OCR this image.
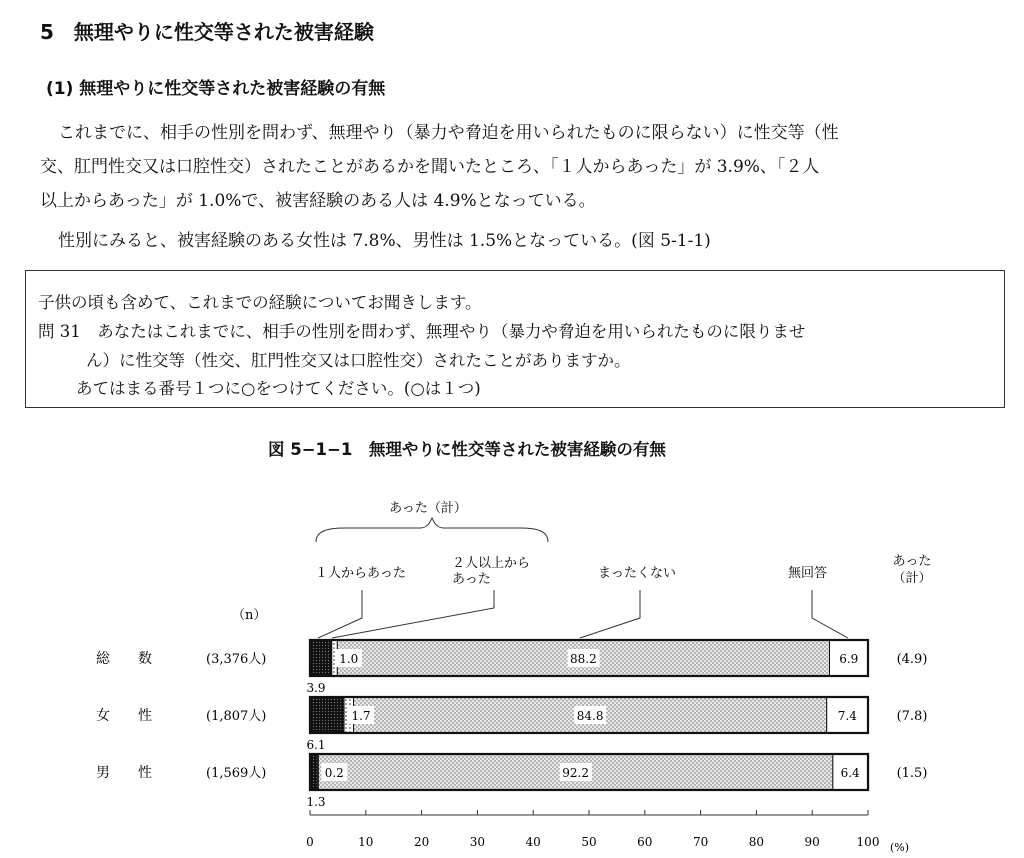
5　無理やりに性交等された被害経験
(1) 無理やりに性交等された被害経験の有無
これまでに、相手の性別を問わず、無理やり（暴力や脅迫を用いられたものに限らない）に性交等（性
交、肛門性交又は口腔性交）されたことがあるかを聞いたところ、「１人からあった」が 3.9%、「２人
以上からあった」が 1.0%で、被害経験のある人は 4.9%となっている。
性別にみると、被害経験のある女性は 7.8%、男性は 1.5%となっている。(図 5-1-1)
子供の頃も含めて、これまでの経験についてお聞きします。
問 31　あなたはこれまでに、相手の性別を問わず、無理やり（暴力や脅迫を用いられたものに限りませ
ん）に性交等（性交、肛門性交又は口腔性交）されたことがありますか。
あてはまる番号１つに○をつけてください。(○は１つ)
図 5−1−1　無理やりに性交等された被害経験の有無
あった（計）
１人からあった
２人以上から
あった	まったくない	無回答
あった
（計）
（n）
総　　数	(3,376人)	(4.9)
1.0	88.2	6.9
3.9
女　　性	(1,807人)	(7.8)
1.7	84.8	7.4
6.1
男　　性	(1,569人)	(1.5)
0.2	92.2	6.4
1.3
0	10	20	30	40	50	60	70	80	90	100 (%)
